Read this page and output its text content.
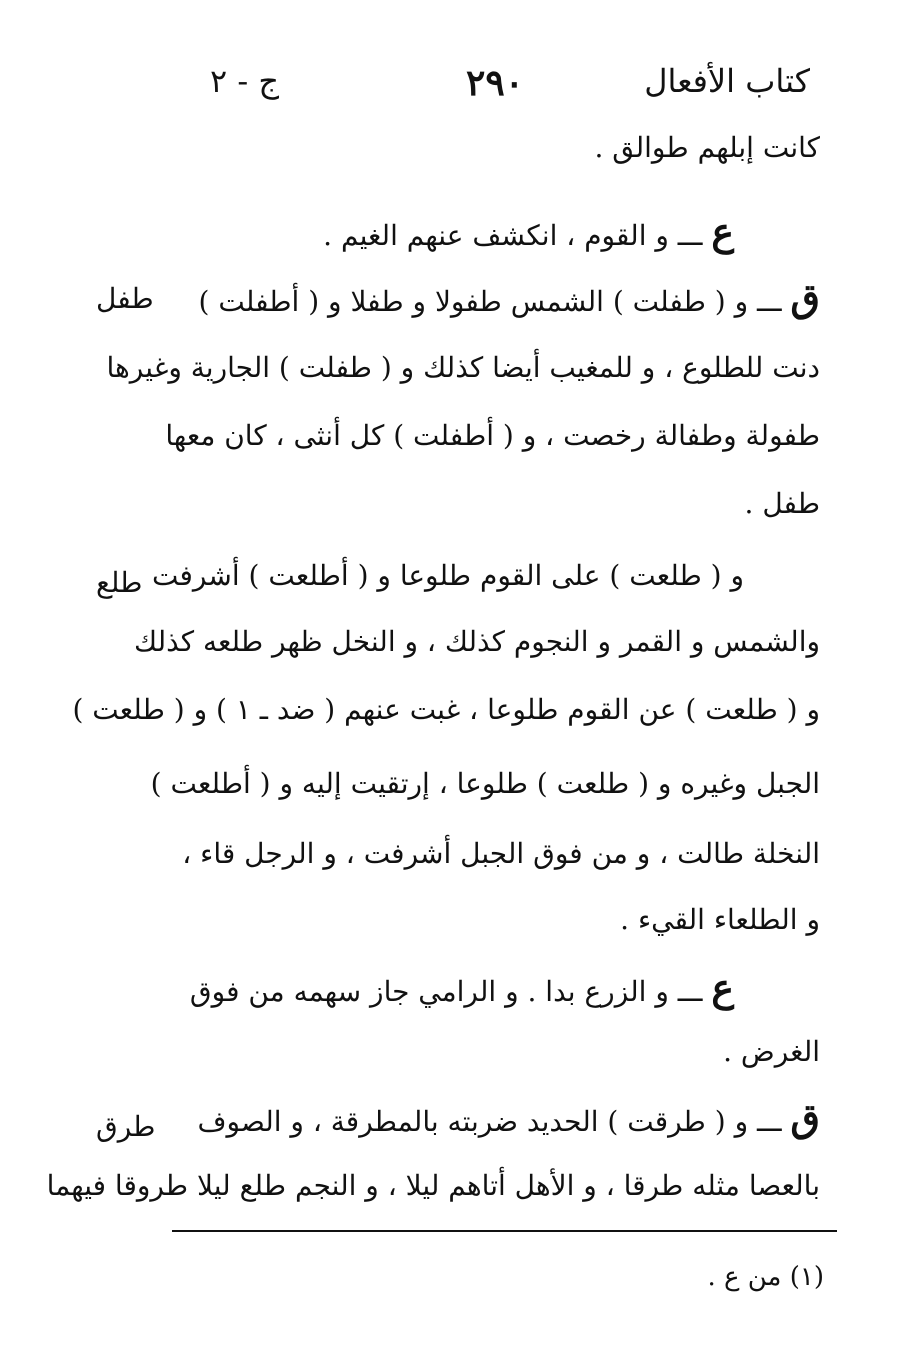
كتاب الأفعال
٢٩٠
ج - ٢
كانت إبلهم طوالق .
ع ـــ و القوم ، انكشف عنهم الغيم .
طفل	ق ـــ و ( طفلت ) الشمس طفولا و طفلا و ( أطفلت )
دنت للطلوع ، و للمغيب أيضا كذلك و ( طفلت ) الجارية وغيرها
طفولة وطفالة رخصت ، و ( أطفلت ) كل أنثى ، كان معها
طفل .
طلع و ( طلعت ) على القوم طلوعا و ( أطلعت ) أشرفت
والشمس و القمر و النجوم كذلك ، و النخل ظهر طلعه كذلك
و ( طلعت ) عن القوم طلوعا ، غبت عنهم ( ضد ـ ١ ) و ( طلعت )
الجبل وغيره و ( طلعت ) طلوعا ، إرتقيت إليه و ( أطلعت )
النخلة طالت ، و من فوق الجبل أشرفت ، و الرجل قاء ،
و الطلعاء القيء .
ع ـــ و الزرع بدا . و الرامي جاز سهمه من فوق
الغرض .
طرق	ق ـــ و ( طرقت ) الحديد ضربته بالمطرقة ، و الصوف
بالعصا مثله طرقا ، و الأهل أتاهم ليلا ، و النجم طلع ليلا طروقا فيهما
(١) من ع .
